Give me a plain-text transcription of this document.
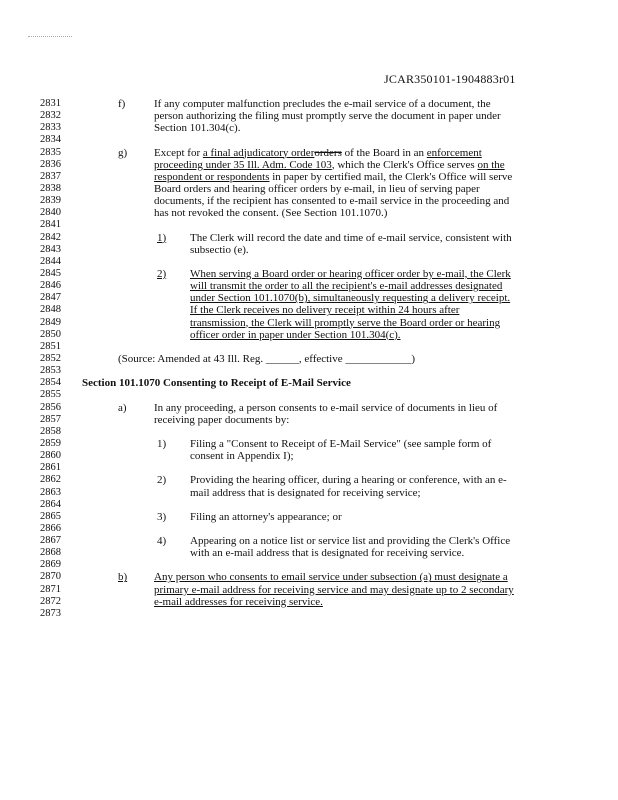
JCAR350101-1904883r01
2831	f)	If any computer malfunction precludes the e-mail service of a document, the
2832	person authorizing the filing must promptly serve the document in paper under
2833	Section 101.304(c).
2834
2835	g) Except for a final adjudicatory orderorders of the Board in an enforcement
2836	proceeding under 35 Ill. Adm. Code 103, which the Clerk's Office serves on the
2837	respondent or respondents in paper by certified mail, the Clerk's Office will serve
2838	Board orders and hearing officer orders by e-mail, in lieu of serving paper
2839	documents, if the recipient has consented to e-mail service in the proceeding and
2840	has not revoked the consent. (See Section 101.1070.)
2841
2842	1) The Clerk will record the date and time of e-mail service, consistent with
2843	subsectio (e).
2844
2845	2) When serving a Board order or hearing officer order by e-mail, the Clerk
2846	will transmit the order to all the recipient's e-mail addresses designated
2847	under Section 101.1070(b), simultaneously requesting a delivery receipt.
2848	If the Clerk receives no delivery receipt within 24 hours after
2849	transmission, the Clerk will promptly serve the Board order or hearing
2850	officer order in paper under Section 101.304(c).
2851
2852	(Source: Amended at 43 Ill. Reg. ______, effective ____________)
2853
2854 Section 101.1070 Consenting to Receipt of E-Mail Service
2855
2856	a) In any proceeding, a person consents to e-mail service of documents in lieu of
2857	receiving paper documents by:
2858
2859	1) Filing a "Consent to Receipt of E-Mail Service" (see sample form of
2860	consent in Appendix I);
2861
2862	2) Providing the hearing officer, during a hearing or conference, with an e-
2863	mail address that is designated for receiving service;
2864
2865	3) Filing an attorney's appearance; or
2866
2867	4) Appearing on a notice list or service list and providing the Clerk's Office
2868	with an e-mail address that is designated for receiving service.
2869
2870	b) Any person who consents to email service under subsection (a) must designate a
2871	primary e-mail address for receiving service and may designate up to 2 secondary
2872	e-mail addresses for receiving service.
2873
